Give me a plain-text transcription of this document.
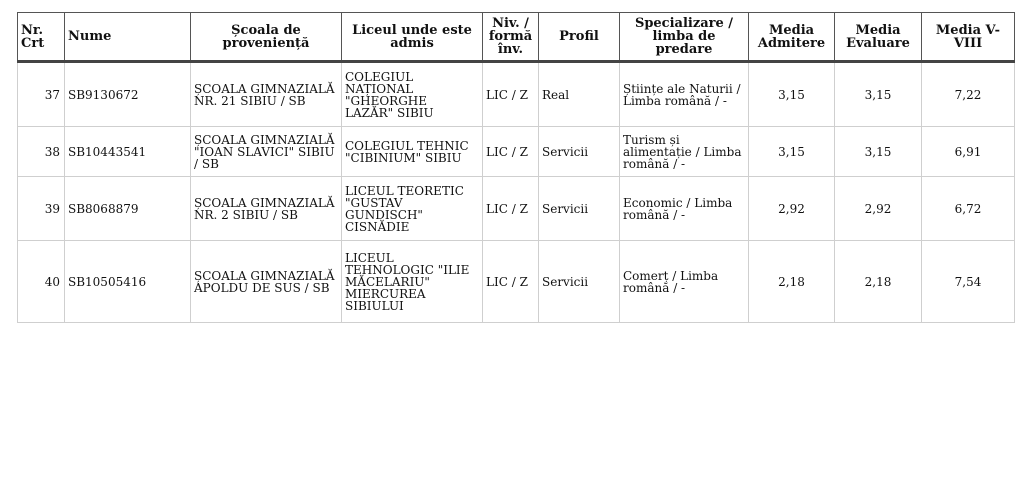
Nr. Crt	Nume	Școala de proveniență	Liceul unde este admis	Niv. / formă înv.	Profil	Specializare / limba de predare	Media Admitere	Media Evaluare	Media V-VIII
37	SB9130672	ȘCOALA GIMNAZIALĂ NR. 21 SIBIU / SB	COLEGIUL NAȚIONAL "GHEORGHE LAZĂR" SIBIU	LIC / Z	Real	Științe ale Naturii / Limba română / -	3,15	3,15	7,22
38	SB10443541	ȘCOALA GIMNAZIALĂ "IOAN SLAVICI" SIBIU / SB	COLEGIUL TEHNIC "CIBINIUM" SIBIU	LIC / Z	Servicii	Turism și alimentație / Limba română / -	3,15	3,15	6,91
39	SB8068879	ȘCOALA GIMNAZIALĂ NR. 2 SIBIU / SB	LICEUL TEORETIC "GUSTAV GUNDISCH" CISNĂDIE	LIC / Z	Servicii	Economic / Limba română / -	2,92	2,92	6,72
40	SB10505416	ȘCOALA GIMNAZIALĂ APOLDU DE SUS / SB	LICEUL TEHNOLOGIC "ILIE MĂCELARIU" MIERCUREA SIBIULUI	LIC / Z	Servicii	Comerț / Limba română / -	2,18	2,18	7,54
